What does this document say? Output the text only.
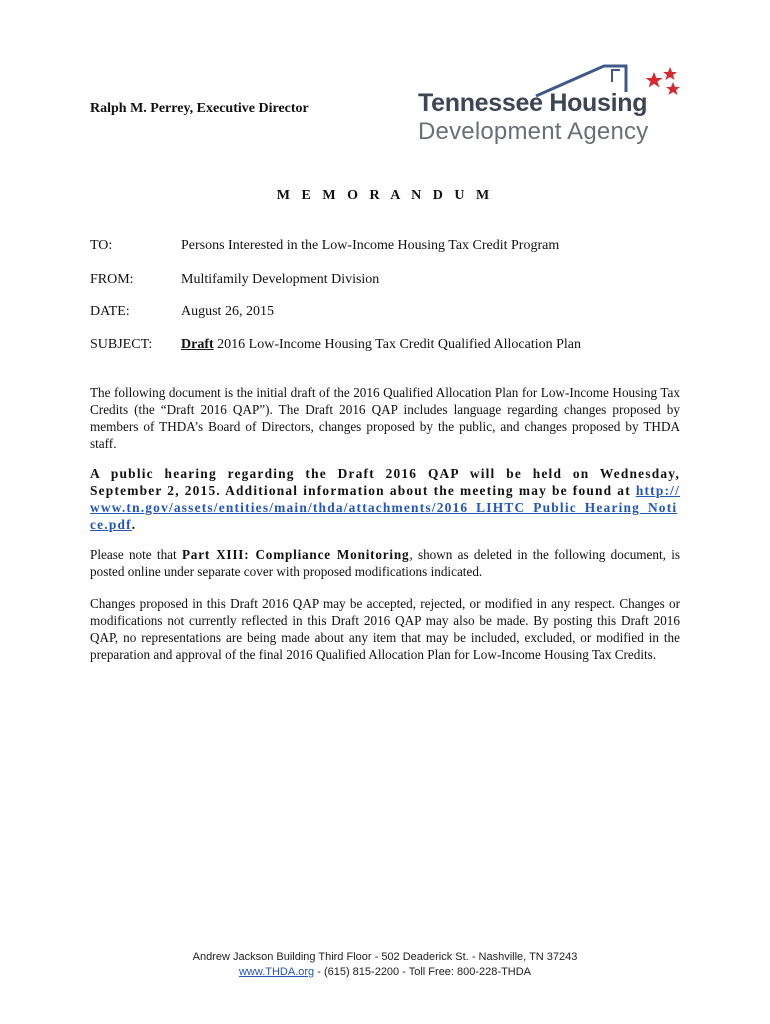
Ralph M. Perrey, Executive Director	Tennessee Housing
Development Agency
M E M O R A N D U M
TO:	Persons Interested in the Low-Income Housing Tax Credit Program
FROM:	Multifamily Development Division
DATE:	August 26, 2015
SUBJECT: Draft 2016 Low-Income Housing Tax Credit Qualified Allocation Plan

The following document is the initial draft of the 2016 Qualified Allocation Plan for Low-Income Housing Tax Credits (the “Draft 2016 QAP”). The Draft 2016 QAP includes language regarding changes proposed by members of THDA’s Board of Directors, changes proposed by the public, and changes proposed by THDA staff.

A public hearing regarding the Draft 2016 QAP will be held on Wednesday, September 2, 2015. Additional information about the meeting may be found at http://www.tn.gov/assets/entities/main/thda/attachments/2016_LIHTC_Public_Hearing_Notice.pdf.

Please note that Part XIII: Compliance Monitoring, shown as deleted in the following document, is posted online under separate cover with proposed modifications indicated.

Changes proposed in this Draft 2016 QAP may be accepted, rejected, or modified in any respect. Changes or modifications not currently reflected in this Draft 2016 QAP may also be made. By posting this Draft 2016 QAP, no representations are being made about any item that may be included, excluded, or modified in the preparation and approval of the final 2016 Qualified Allocation Plan for Low-Income Housing Tax Credits.

Andrew Jackson Building Third Floor - 502 Deaderick St. - Nashville, TN 37243
www.THDA.org - (615) 815-2200 - Toll Free: 800-228-THDA
